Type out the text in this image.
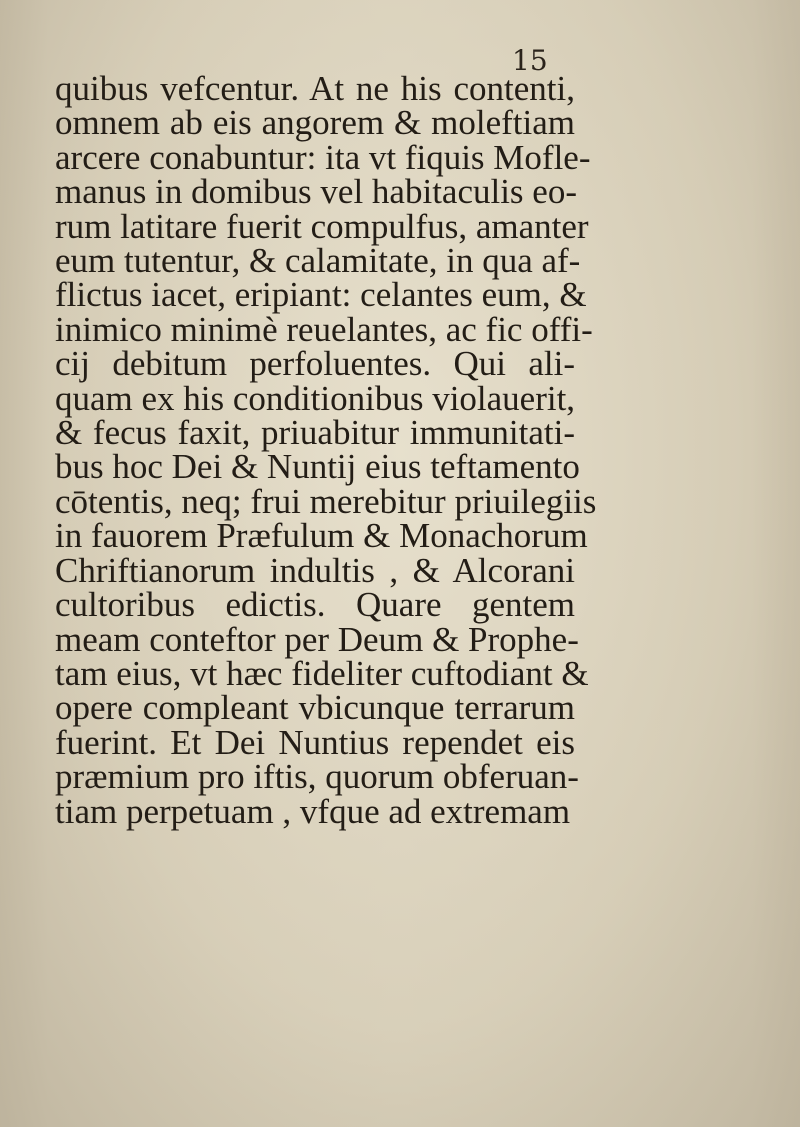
15

quibus vefcentur. At ne his contenti,
omnem ab eis angorem & moleftiam
arcere conabuntur: ita vt fiquis Mofle-
manus in domibus vel habitaculis eo-
rum latitare fuerit compulfus, amanter
eum tutentur, & calamitate, in qua af-
flictus iacet, eripiant: celantes eum, &
inimico minimè reuelantes, ac fic offi-
cij debitum perfoluentes. Qui ali-
quam ex his conditionibus violauerit,
& fecus faxit, priuabitur immunitati-
bus hoc Dei & Nuntij eius teftamento
cōtentis, neq; frui merebitur priuilegiis
in fauorem Præfulum & Monachorum
Chriftianorum indultis , & Alcorani
cultoribus edictis. Quare gentem
meam conteftor per Deum & Prophe-
tam eius, vt hæc fideliter cuftodiant &
opere compleant vbicunque terrarum
fuerint. Et Dei Nuntius rependet eis
præmium pro iftis, quorum obferuan-
tiam perpetuam , vfque ad extremam
